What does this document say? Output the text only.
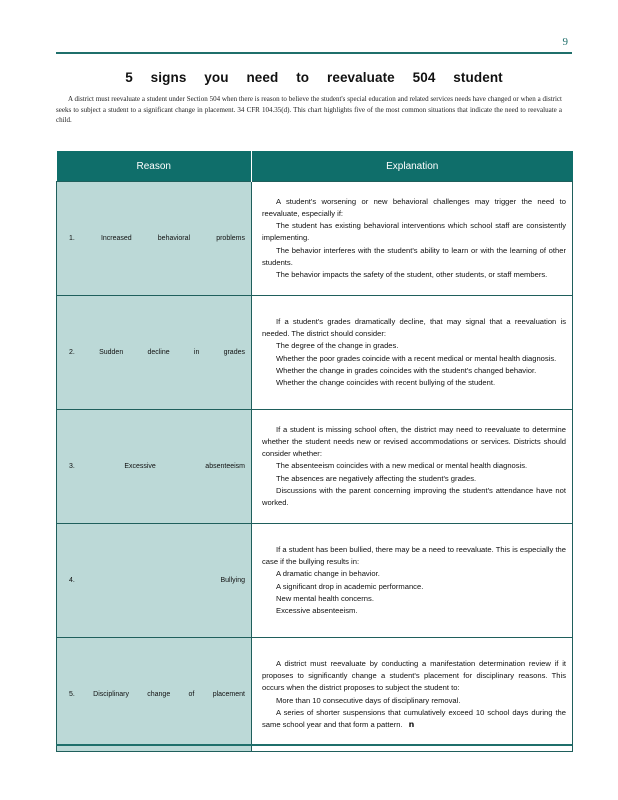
9
5 signs you need to reevaluate 504 student
A district must reevaluate a student under Section 504 when there is reason to believe the student's special education and related services needs have changed or when a district seeks to subject a student to a significant change in placement. 34 CFR 104.35(d). This chart highlights five of the most common situations that indicate the need to reevaluate a child.
Reason	Explanation
1. Increased behavioral problems	A student's worsening or new behavioral challenges may trigger the need to reevaluate, especially if:

The student has existing behavioral interventions which school staff are consistently implementing.

The behavior interferes with the student's ability to learn or with the learning of other students.

The behavior impacts the safety of the student, other students, or staff members.

2. Sudden decline in grades	If a student's grades dramatically decline, that may signal that a reevaluation is needed. The district should consider:

The degree of the change in grades.

Whether the poor grades coincide with a recent medical or mental health diagnosis.

Whether the change in grades coincides with the student's changed behavior.

Whether the change coincides with recent bullying of the student.

3. Excessive absenteeism	If a student is missing school often, the district may need to reevaluate to determine whether the student needs new or revised accommodations or services. Districts should consider whether:

The absenteeism coincides with a new medical or mental health diagnosis.

The absences are negatively affecting the student's grades.

Discussions with the parent concerning improving the student's attendance have not worked.

4. Bullying	If a student has been bullied, there may be a need to reevaluate. This is especially the case if the bullying results in:

A dramatic change in behavior.

A significant drop in academic performance.

New mental health concerns.

Excessive absenteeism.

5. Disciplinary change of placement	A district must reevaluate by conducting a manifestation determination review if it proposes to significantly change a student's placement for disciplinary reasons. This occurs when the district proposes to subject the student to:

More than 10 consecutive days of disciplinary removal.

A series of shorter suspensions that cumulatively exceed 10 school days during the same school year and that form a pattern. n
